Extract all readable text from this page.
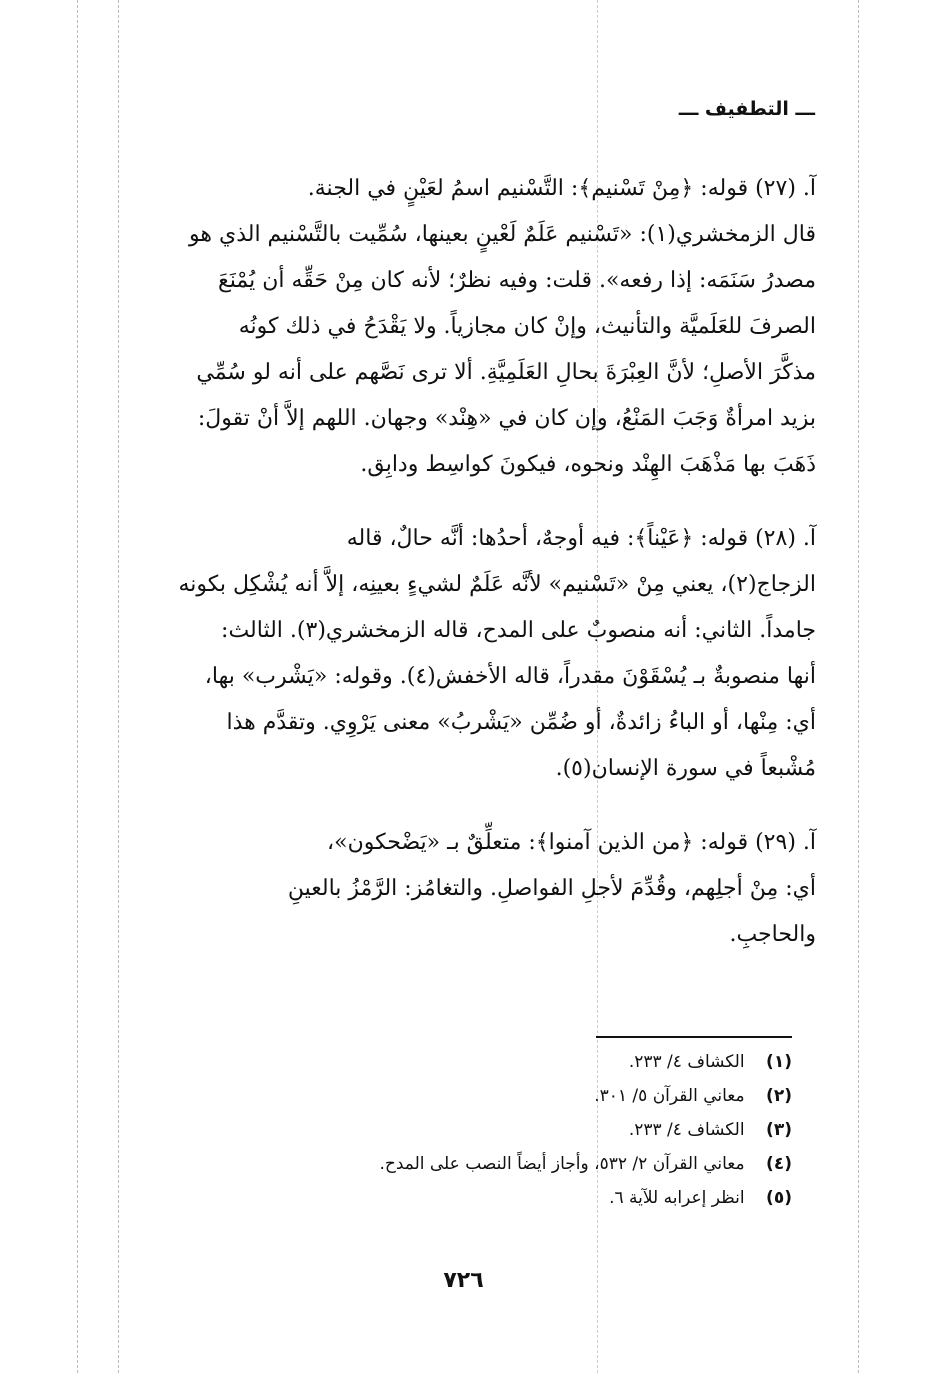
ـــ التطفيف ـــ

آ. (٢٧) قوله: ﴿مِنْ تَسْنيم﴾: التَّسْنيم اسمُ لعَيْنٍ في الجنة.

قال الزمخشري(١): «تَسْنيم عَلَمٌ لَعْينٍ بعينها، سُمِّيت بالتَّسْنيم الذي هو

مصدرُ سَنَمَه: إذا رفعه». قلت: وفيه نظرٌ؛ لأنه كان مِنْ حَقِّه أن يُمْنَعَ

الصرفَ للعَلَميَّة والتأنيث، وإنْ كان مجازياً. ولا يَقْدَحُ في ذلك كونُه

مذكَّرَ الأصلِ؛ لأنَّ العِبْرَةَ بحالِ العَلَمِيَّةِ. ألا ترى نَصَّهم على أنه لو سُمِّي

بزيد امرأةٌ وَجَبَ المَنْعُ، وإن كان في «هِنْد» وجهان. اللهم إلاَّ أنْ تقولَ:

ذَهَبَ بها مَذْهَبَ الهِنْد ونحوه، فيكونَ كواسِط ودابِق.

آ. (٢٨) قوله: ﴿عَيْناً﴾: فيه أوجهٌ، أحدُها: أنَّه حالٌ، قاله

الزجاج(٢)، يعني مِنْ «تَسْنيم» لأنَّه عَلَمٌ لشيءٍ بعينِه، إلاَّ أنه يُشْكِل بكونه

جامداً. الثاني: أنه منصوبٌ على المدح، قاله الزمخشري(٣). الثالث:

أنها منصوبةٌ بـ يُسْقَوْنَ مقدراً، قاله الأخفش(٤). وقوله: «يَشْرب» بها،

أي: مِنْها، أو الباءُ زائدةٌ، أو ضُمِّن «يَشْربُ» معنى يَرْوِي. وتقدَّم هذا

مُشْبعاً في سورة الإنسان(٥).

آ. (٢٩) قوله: ﴿من الذين آمنوا﴾: متعلِّقٌ بـ «يَضْحكون»،

أي: مِنْ أجلِهم، وقُدِّمَ لأجلِ الفواصلِ. والتغامُز: الرَّمْزُ بالعينِ

والحاجبِ.

(١) الكشاف ٤/ ٢٣٣.
(٢) معاني القرآن ٥/ ٣٠١.
(٣) الكشاف ٤/ ٢٣٣.
(٤) معاني القرآن ٢/ ٥٣٢، وأجاز أيضاً النصب على المدح.
(٥) انظر إعرابه للآية ٦.
٧٢٦
